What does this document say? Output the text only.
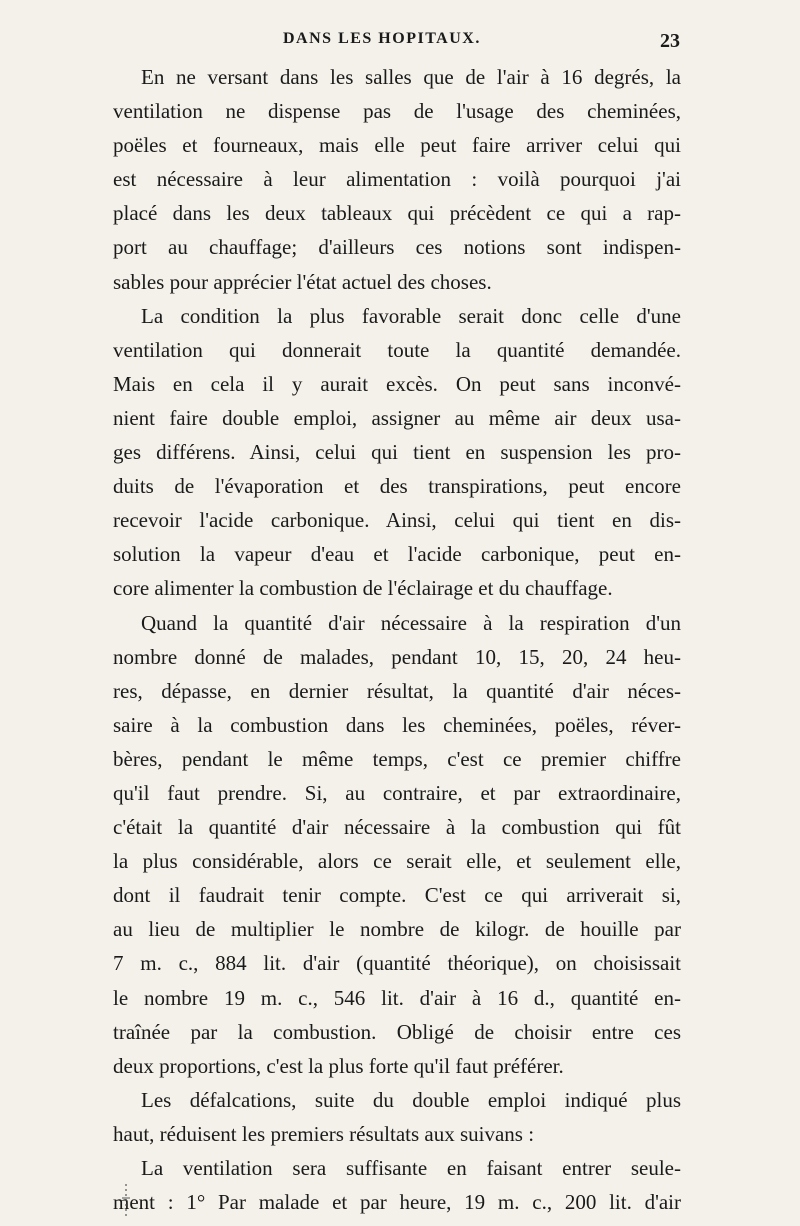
DANS LES HOPITAUX.	23
En ne versant dans les salles que de l'air à 16 degrés, la
ventilation ne dispense pas de l'usage des cheminées,
poëles et fourneaux, mais elle peut faire arriver celui qui
est nécessaire à leur alimentation : voilà pourquoi j'ai
placé dans les deux tableaux qui précèdent ce qui a rap-
port au chauffage; d'ailleurs ces notions sont indispen-
sables pour apprécier l'état actuel des choses.
La condition la plus favorable serait donc celle d'une
ventilation qui donnerait toute la quantité demandée.
Mais en cela il y aurait excès. On peut sans inconvé-
nient faire double emploi, assigner au même air deux usa-
ges différens. Ainsi, celui qui tient en suspension les pro-
duits de l'évaporation et des transpirations, peut encore
recevoir l'acide carbonique. Ainsi, celui qui tient en dis-
solution la vapeur d'eau et l'acide carbonique, peut en-
core alimenter la combustion de l'éclairage et du chauffage.
Quand la quantité d'air nécessaire à la respiration d'un
nombre donné de malades, pendant 10, 15, 20, 24 heu-
res, dépasse, en dernier résultat, la quantité d'air néces-
saire à la combustion dans les cheminées, poëles, réver-
bères, pendant le même temps, c'est ce premier chiffre
qu'il faut prendre. Si, au contraire, et par extraordinaire,
c'était la quantité d'air nécessaire à la combustion qui fût
la plus considérable, alors ce serait elle, et seulement elle,
dont il faudrait tenir compte. C'est ce qui arriverait si,
au lieu de multiplier le nombre de kilogr. de houille par
7 m. c., 884 lit. d'air (quantité théorique), on choisissait
le nombre 19 m. c., 546 lit. d'air à 16 d., quantité en-
traînée par la combustion. Obligé de choisir entre ces
deux proportions, c'est la plus forte qu'il faut préférer.
Les défalcations, suite du double emploi indiqué plus
haut, réduisent les premiers résultats aux suivans :
La ventilation sera suffisante en faisant entrer seule-
ment : 1° Par malade et par heure, 19 m. c., 200 lit. d'air
